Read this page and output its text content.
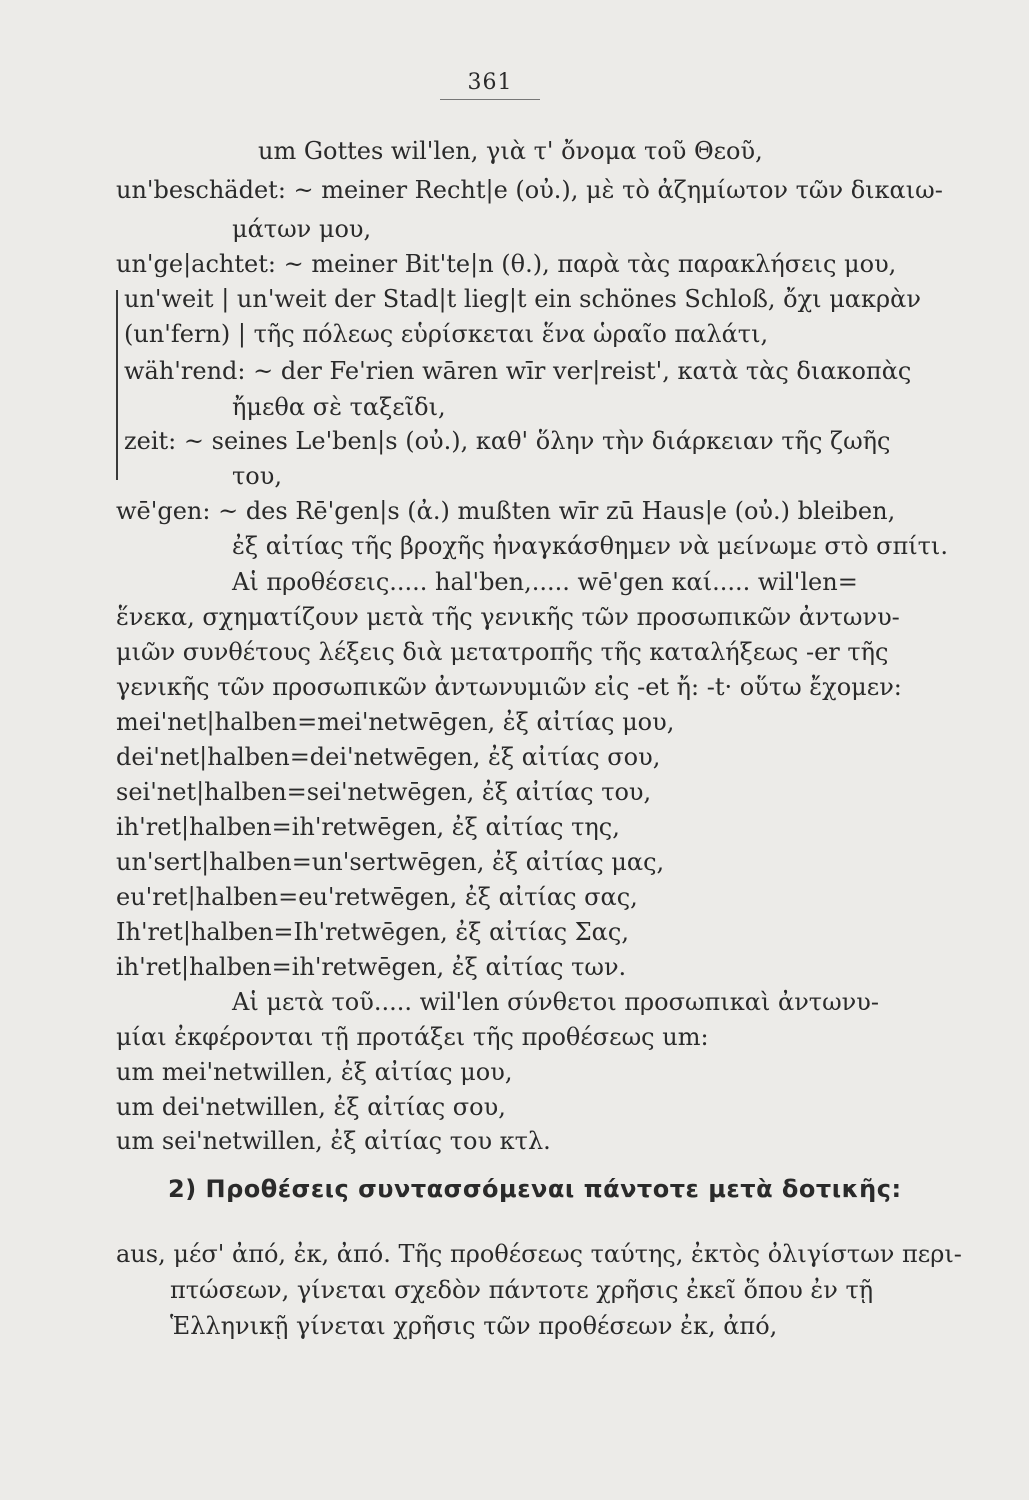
361
um Gottes wil'len, γιὰ τ' ὄνομα τοῦ Θεοῦ,
un'beschädet: ~ meiner Recht|e (οὐ.), μὲ τὸ ἀζημίωτον τῶν δικαιω-
μάτων μου,
un'ge|achtet: ~ meiner Bit'te|n (θ.), παρὰ τὰς παρακλήσεις μου,
un'weit | un'weit der Stad|t lieg|t ein schönes Schloß, ὄχι μακρὰν
(un'fern) | τῆς πόλεως εὑρίσκεται ἕνα ὡραῖο παλάτι,
wäh'rend: ~ der Fe'rien wāren wīr ver|reist', κατὰ τὰς διακοπὰς
ἤμεθα σὲ ταξεῖδι,
zeit: ~ seines Le'ben|s (οὐ.), καθ' ὅλην τὴν διάρκειαν τῆς ζωῆς
του,
wē'gen: ~ des Rē'gen|s (ἀ.) mußten wīr zū Haus|e (οὐ.) bleiben,
ἐξ αἰτίας τῆς βροχῆς ἠναγκάσθημεν νὰ μείνωμε στὸ σπίτι.
Αἱ προθέσεις..... hal'ben,..... wē'gen καί..... wil'len=
ἕνεκα, σχηματίζουν μετὰ τῆς γενικῆς τῶν προσωπικῶν ἀντωνυ-
μιῶν συνθέτους λέξεις διὰ μετατροπῆς τῆς καταλήξεως -er τῆς
γενικῆς τῶν προσωπικῶν ἀντωνυμιῶν εἰς -et ἤ: -t· οὕτω ἔχομεν:
mei'net|halben=mei'netwēgen, ἐξ αἰτίας μου,
dei'net|halben=dei'netwēgen, ἐξ αἰτίας σου,
sei'net|halben=sei'netwēgen, ἐξ αἰτίας του,
ih'ret|halben=ih'retwēgen, ἐξ αἰτίας της,
un'sert|halben=un'sertwēgen, ἐξ αἰτίας μας,
eu'ret|halben=eu'retwēgen, ἐξ αἰτίας σας,
Ih'ret|halben=Ih'retwēgen, ἐξ αἰτίας Σας,
ih'ret|halben=ih'retwēgen, ἐξ αἰτίας των.
Αἱ μετὰ τοῦ..... wil'len σύνθετοι προσωπικαὶ ἀντωνυ-
μίαι ἐκφέρονται τῇ προτάξει τῆς προθέσεως um:
um mei'netwillen, ἐξ αἰτίας μου,
um dei'netwillen, ἐξ αἰτίας σου,
um sei'netwillen, ἐξ αἰτίας του κτλ.
2) Προθέσεις συντασσόμεναι πάντοτε μετὰ δοτικῆς:
aus, μέσ' ἀπό, ἐκ, ἀπό. Τῆς προθέσεως ταύτης, ἐκτὸς ὀλιγίστων περι-
πτώσεων, γίνεται σχεδὸν πάντοτε χρῆσις ἐκεῖ ὅπου ἐν τῇ
Ἑλληνικῇ γίνεται χρῆσις τῶν προθέσεων ἐκ, ἀπό,
